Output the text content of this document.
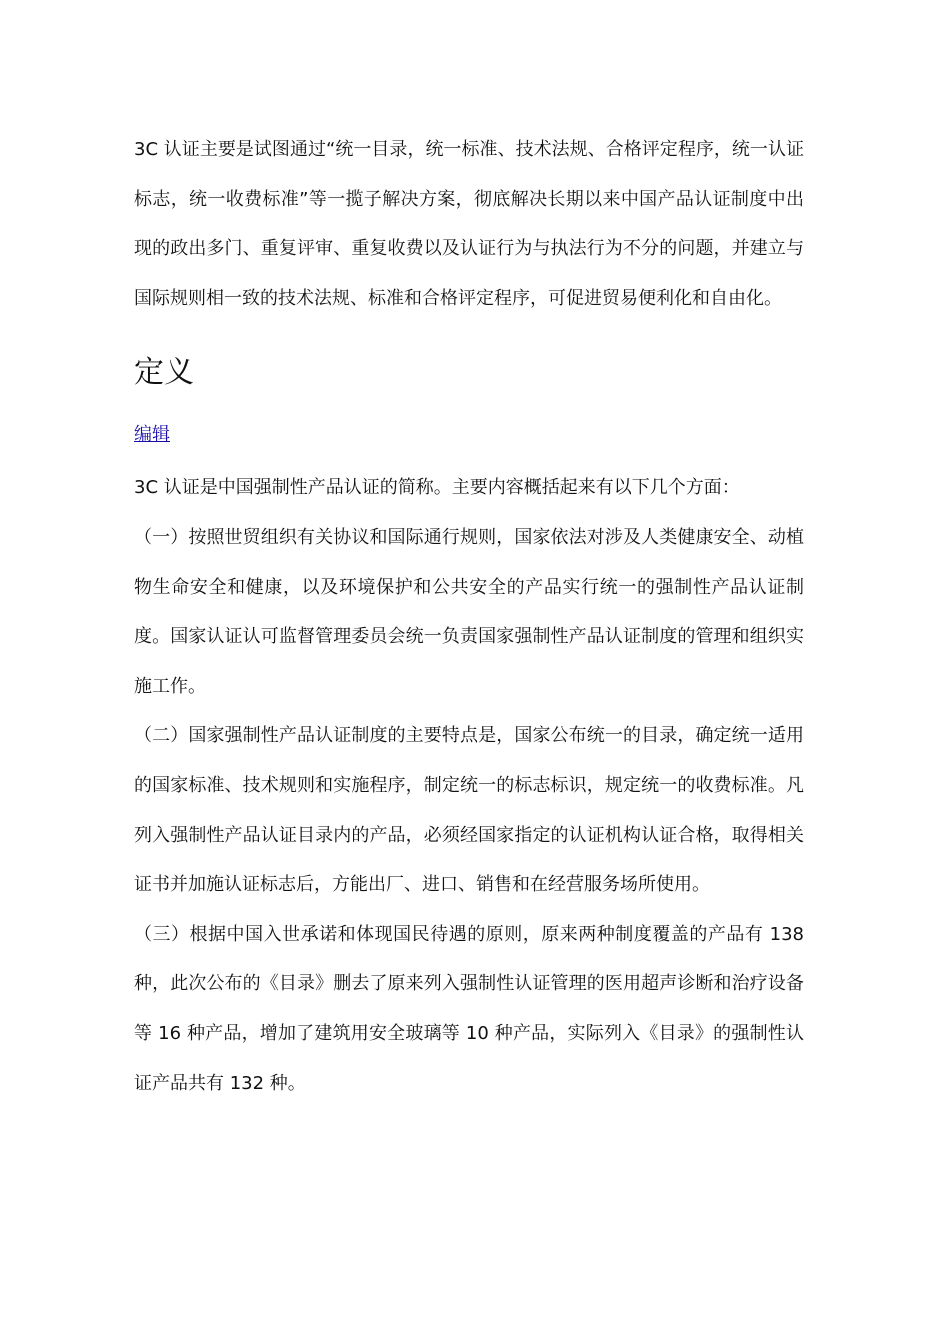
3C 认证主要是试图通过“统一目录，统一标准、技术法规、合格评定程序，统一认证标志，统一收费标准”等一揽子解决方案，彻底解决长期以来中国产品认证制度中出现的政出多门、重复评审、重复收费以及认证行为与执法行为不分的问题，并建立与国际规则相一致的技术法规、标准和合格评定程序，可促进贸易便利化和自由化。

定义
编辑

3C 认证是中国强制性产品认证的简称。主要内容概括起来有以下几个方面：

（一）按照世贸组织有关协议和国际通行规则，国家依法对涉及人类健康安全、动植物生命安全和健康，以及环境保护和公共安全的产品实行统一的强制性产品认证制度。国家认证认可监督管理委员会统一负责国家强制性产品认证制度的管理和组织实施工作。

（二）国家强制性产品认证制度的主要特点是，国家公布统一的目录，确定统一适用的国家标准、技术规则和实施程序，制定统一的标志标识，规定统一的收费标准。凡列入强制性产品认证目录内的产品，必须经国家指定的认证机构认证合格，取得相关证书并加施认证标志后，方能出厂、进口、销售和在经营服务场所使用。

（三）根据中国入世承诺和体现国民待遇的原则，原来两种制度覆盖的产品有 138 种，此次公布的《目录》删去了原来列入强制性认证管理的医用超声诊断和治疗设备等 16 种产品，增加了建筑用安全玻璃等 10 种产品，实际列入《目录》的强制性认证产品共有 132 种。
